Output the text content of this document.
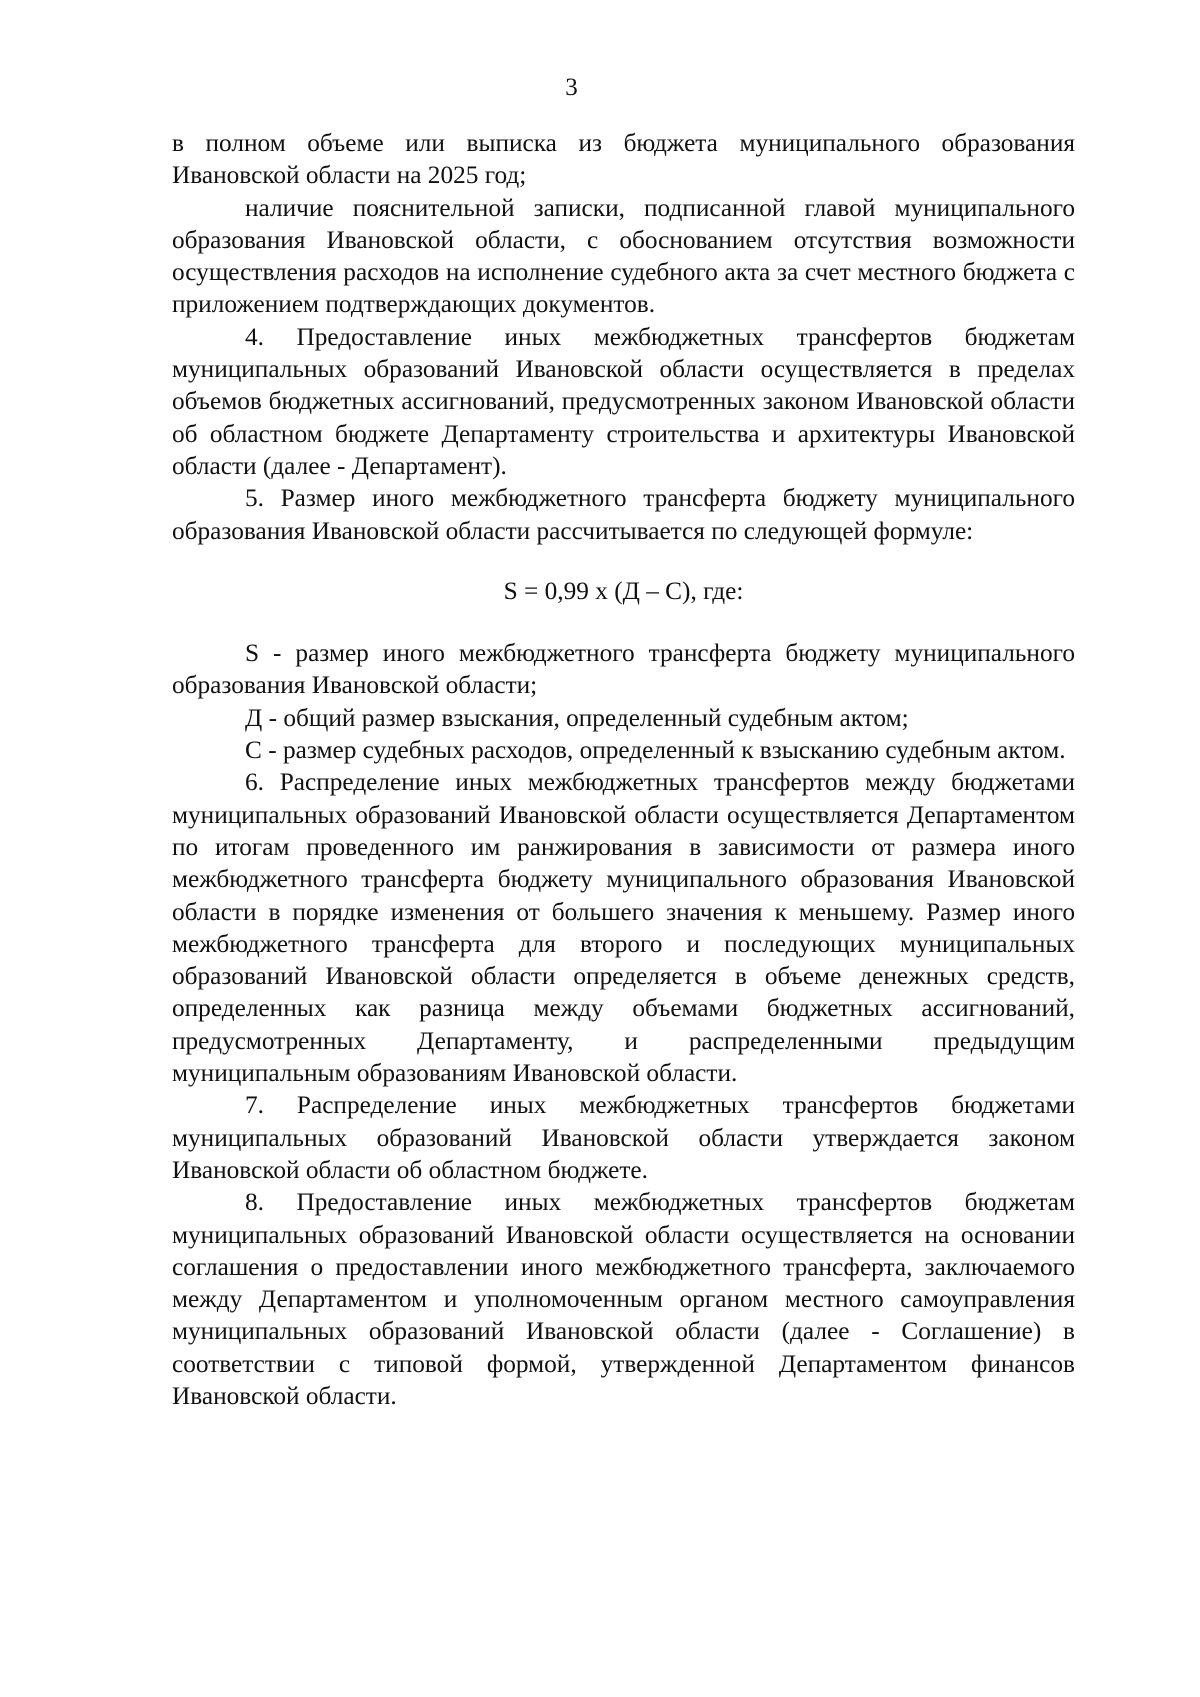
3

в полном объеме или выписка из бюджета муниципального образования Ивановской области на 2025 год;

наличие пояснительной записки, подписанной главой муниципального образования Ивановской области, с обоснованием отсутствия возможности осуществления расходов на исполнение судебного акта за счет местного бюджета с приложением подтверждающих документов.

4. Предоставление иных межбюджетных трансфертов бюджетам муниципальных образований Ивановской области осуществляется в пределах объемов бюджетных ассигнований, предусмотренных законом Ивановской области об областном бюджете Департаменту строительства и архитектуры Ивановской области (далее - Департамент).

5. Размер иного межбюджетного трансферта бюджету муниципального образования Ивановской области рассчитывается по следующей формуле:

S = 0,99 x (Д – С), где:

S - размер иного межбюджетного трансферта бюджету муниципального образования Ивановской области;

Д - общий размер взыскания, определенный судебным актом;

С - размер судебных расходов, определенный к взысканию судебным актом.

6. Распределение иных межбюджетных трансфертов между бюджетами муниципальных образований Ивановской области осуществляется Департаментом по итогам проведенного им ранжирования в зависимости от размера иного межбюджетного трансферта бюджету муниципального образования Ивановской области в порядке изменения от большего значения к меньшему. Размер иного межбюджетного трансферта для второго и последующих муниципальных образований Ивановской области определяется в объеме денежных средств, определенных как разница между объемами бюджетных ассигнований, предусмотренных Департаменту, и распределенными предыдущим муниципальным образованиям Ивановской области.

7. Распределение иных межбюджетных трансфертов бюджетами муниципальных образований Ивановской области утверждается законом Ивановской области об областном бюджете.

8. Предоставление иных межбюджетных трансфертов бюджетам муниципальных образований Ивановской области осуществляется на основании соглашения о предоставлении иного межбюджетного трансферта, заключаемого между Департаментом и уполномоченным органом местного самоуправления муниципальных образований Ивановской области (далее - Соглашение) в соответствии с типовой формой, утвержденной Департаментом финансов Ивановской области.
